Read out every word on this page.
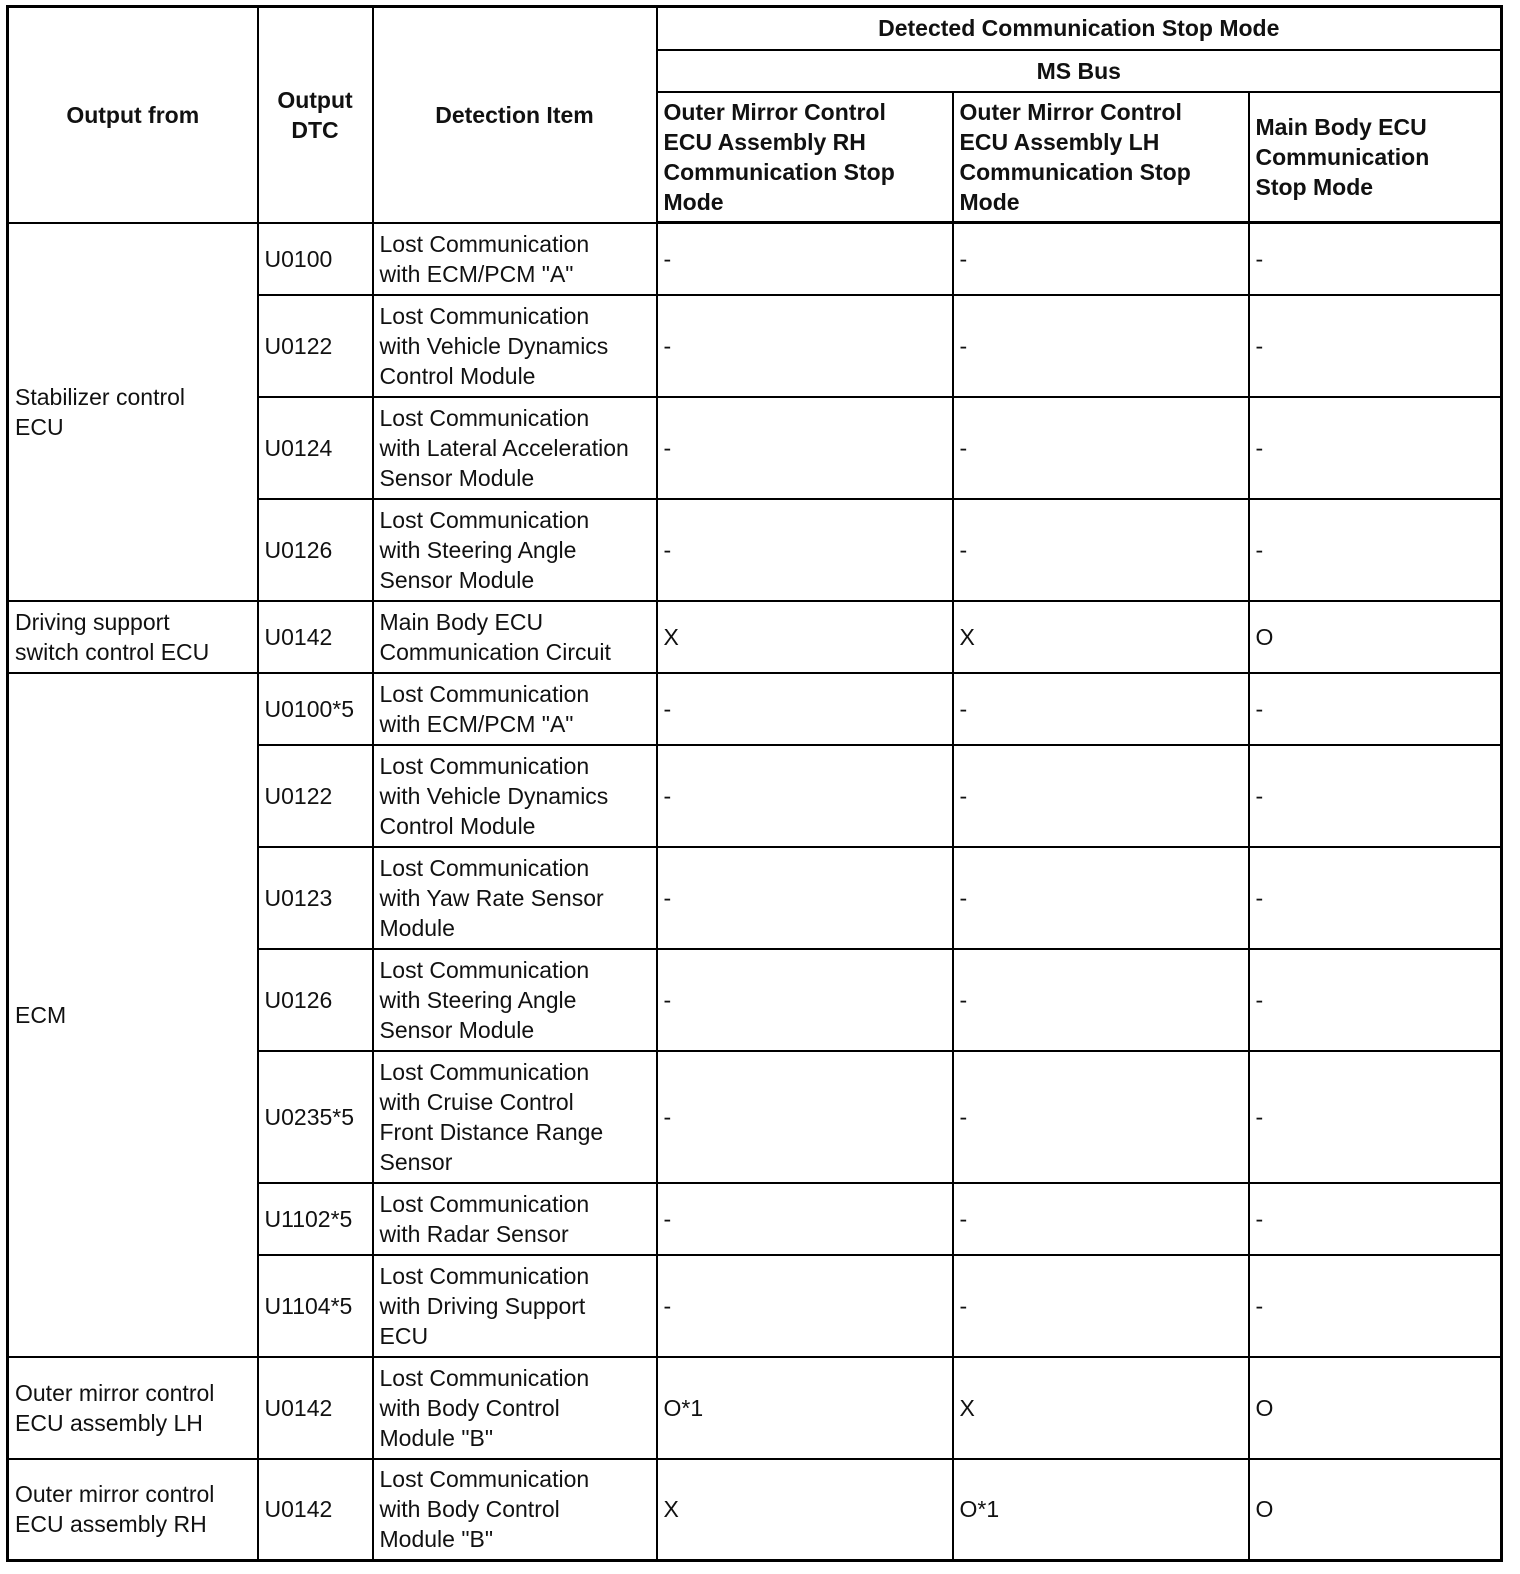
Output from	Output
DTC	Detection Item	Detected Communication Stop Mode		
			MS Bus		
			Outer Mirror Control
ECU Assembly RH
Communication Stop
Mode	Outer Mirror Control
ECU Assembly LH
Communication Stop
Mode	Main Body ECU
Communication
Stop Mode
Stabilizer control
ECU	U0100	Lost Communication
with ECM/PCM "A"	-	-	-
	U0122	Lost Communication
with Vehicle Dynamics
Control Module	-	-	-
	U0124	Lost Communication
with Lateral Acceleration
Sensor Module	-	-	-
	U0126	Lost Communication
with Steering Angle
Sensor Module	-	-	-
Driving support
switch control ECU	U0142	Main Body ECU
Communication Circuit	X	X	O
ECM	U0100*5	Lost Communication
with ECM/PCM "A"	-	-	-
	U0122	Lost Communication
with Vehicle Dynamics
Control Module	-	-	-
	U0123	Lost Communication
with Yaw Rate Sensor
Module	-	-	-
	U0126	Lost Communication
with Steering Angle
Sensor Module	-	-	-
	U0235*5	Lost Communication
with Cruise Control
Front Distance Range
Sensor	-	-	-
	U1102*5	Lost Communication
with Radar Sensor	-	-	-
	U1104*5	Lost Communication
with Driving Support
ECU	-	-	-
Outer mirror control
ECU assembly LH	U0142	Lost Communication
with Body Control
Module "B"	O*1	X	O
Outer mirror control
ECU assembly RH	U0142	Lost Communication
with Body Control
Module "B"	X	O*1	O
